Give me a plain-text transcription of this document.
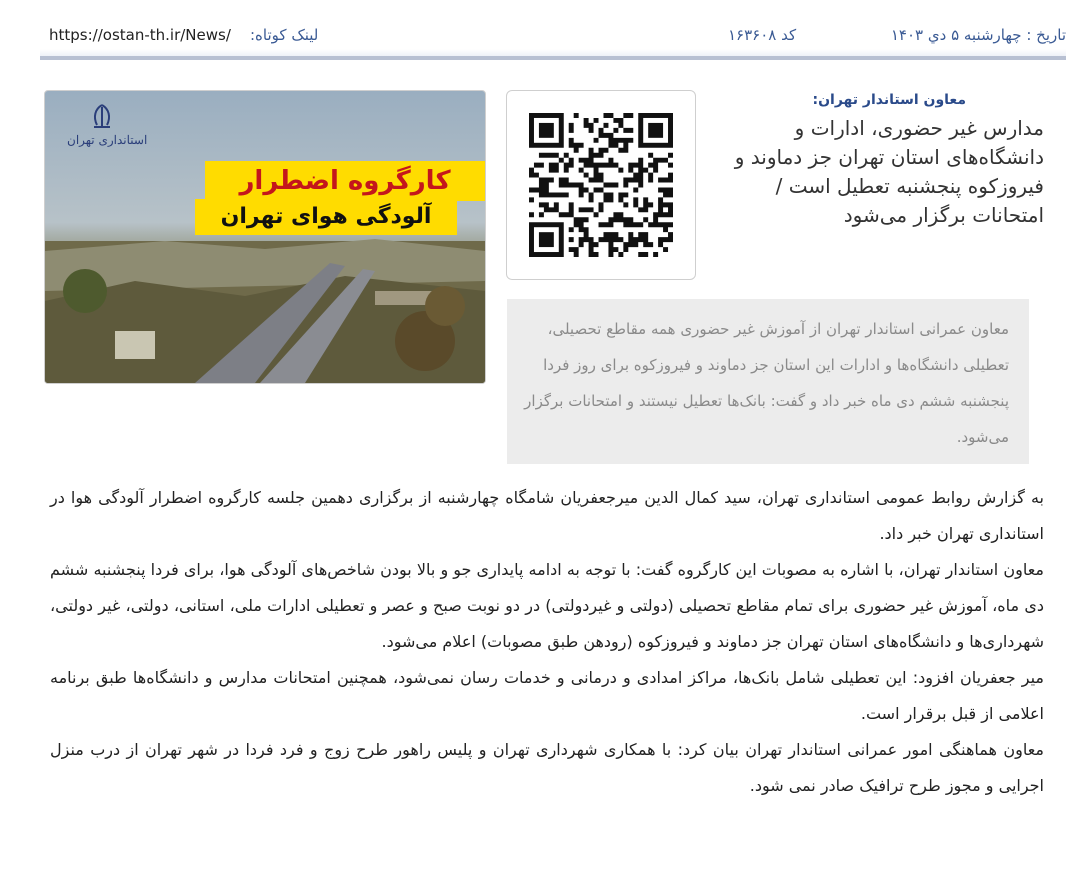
تاریخ : چهارشنبه ۵ دي ۱۴۰۳
کد ۱۶۳۶۰۸
لینک کوتاه:
https://ostan-th.ir/News/
معاون استاندار تهران:
مدارس غیر حضوری، ادارات و دانشگاه‌های استان تهران جز دماوند و فیروزکوه پنجشنبه تعطیل است / امتحانات برگزار می‌شود
استانداری تهران
کارگروه اضطرار
آلودگی هوای تهران

معاون عمرانی استاندار تهران از آموزش غیر حضوری همه مقاطع تحصیلی، تعطیلی دانشگاه‌ها و ادارات این استان جز دماوند و فیروزکوه برای روز فردا پنجشنبه ششم دی ماه خبر داد و گفت: بانک‌ها تعطیل نیستند و امتحانات برگزار می‌شود.

به گزارش روابط عمومی استانداری تهران، سید کمال الدین میرجعفریان شامگاه چهارشنبه از برگزاری دهمین جلسه کارگروه اضطرار آلودگی هوا در استانداری تهران خبر داد.

معاون استاندار تهران، با اشاره به مصوبات این کارگروه گفت: با توجه به ادامه پایداری جو و بالا بودن شاخص‌های آلودگی هوا، برای فردا پنجشنبه ششم دی ماه، آموزش غیر حضوری برای تمام مقاطع تحصیلی (دولتی و غیردولتی) در دو نوبت صبح و عصر و تعطیلی ادارات ملی، استانی، دولتی، غیر دولتی، شهرداری‌ها و دانشگاه‌های استان تهران جز دماوند و فیروزکوه (رودهن طبق مصوبات) اعلام می‌شود.

میر جعفریان افزود: این تعطیلی شامل بانک‌ها، مراکز امدادی و درمانی و خدمات رسان نمی‌شود، همچنین امتحانات مدارس و دانشگاه‌ها طبق برنامه اعلامی از قبل برقرار است.

معاون هماهنگی امور عمرانی استاندار تهران بیان کرد: با همکاری شهرداری تهران و پلیس راهور طرح زوج و فرد فردا در شهر تهران از درب منزل اجرایی و مجوز طرح ترافیک صادر نمی شود.
